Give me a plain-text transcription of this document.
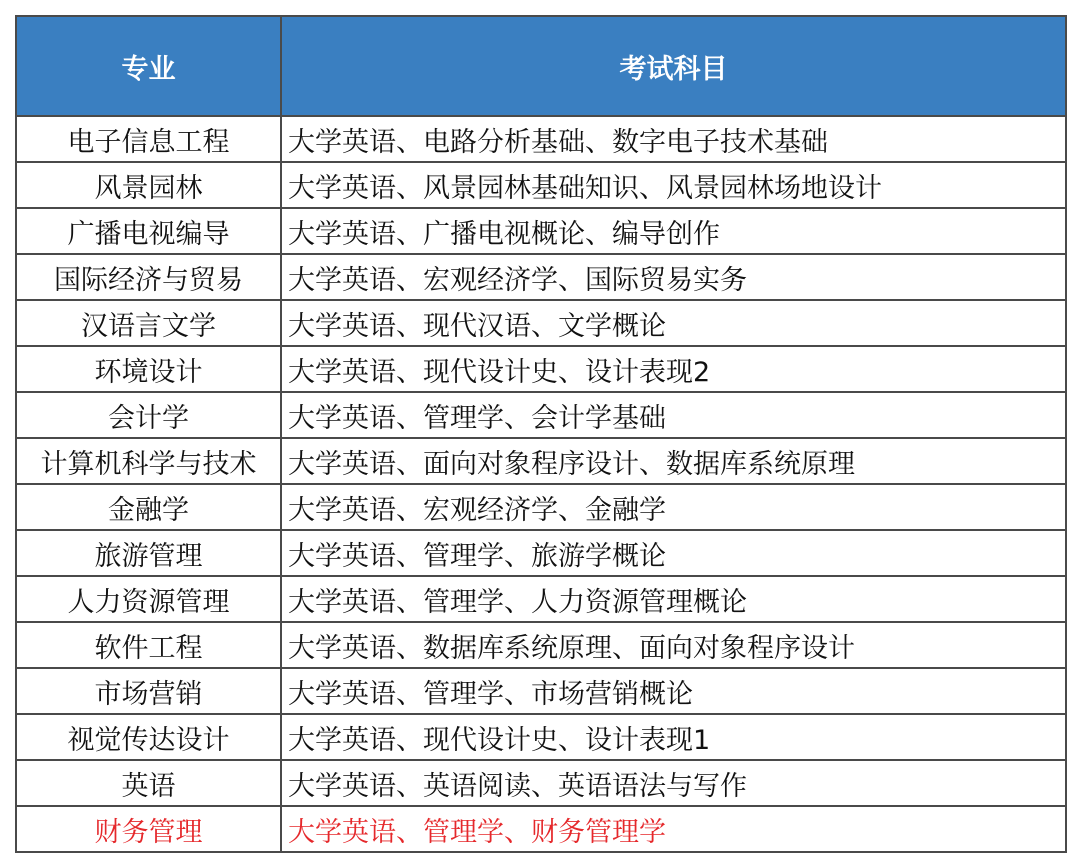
专业	考试科目
电子信息工程	大学英语、电路分析基础、数字电子技术基础
风景园林	大学英语、风景园林基础知识、风景园林场地设计
广播电视编导	大学英语、广播电视概论、编导创作
国际经济与贸易	大学英语、宏观经济学、国际贸易实务
汉语言文学	大学英语、现代汉语、文学概论
环境设计	大学英语、现代设计史、设计表现2
会计学	大学英语、管理学、会计学基础
计算机科学与技术	大学英语、面向对象程序设计、数据库系统原理
金融学	大学英语、宏观经济学、金融学
旅游管理	大学英语、管理学、旅游学概论
人力资源管理	大学英语、管理学、人力资源管理概论
软件工程	大学英语、数据库系统原理、面向对象程序设计
市场营销	大学英语、管理学、市场营销概论
视觉传达设计	大学英语、现代设计史、设计表现1
英语	大学英语、英语阅读、英语语法与写作
财务管理	大学英语、管理学、财务管理学
